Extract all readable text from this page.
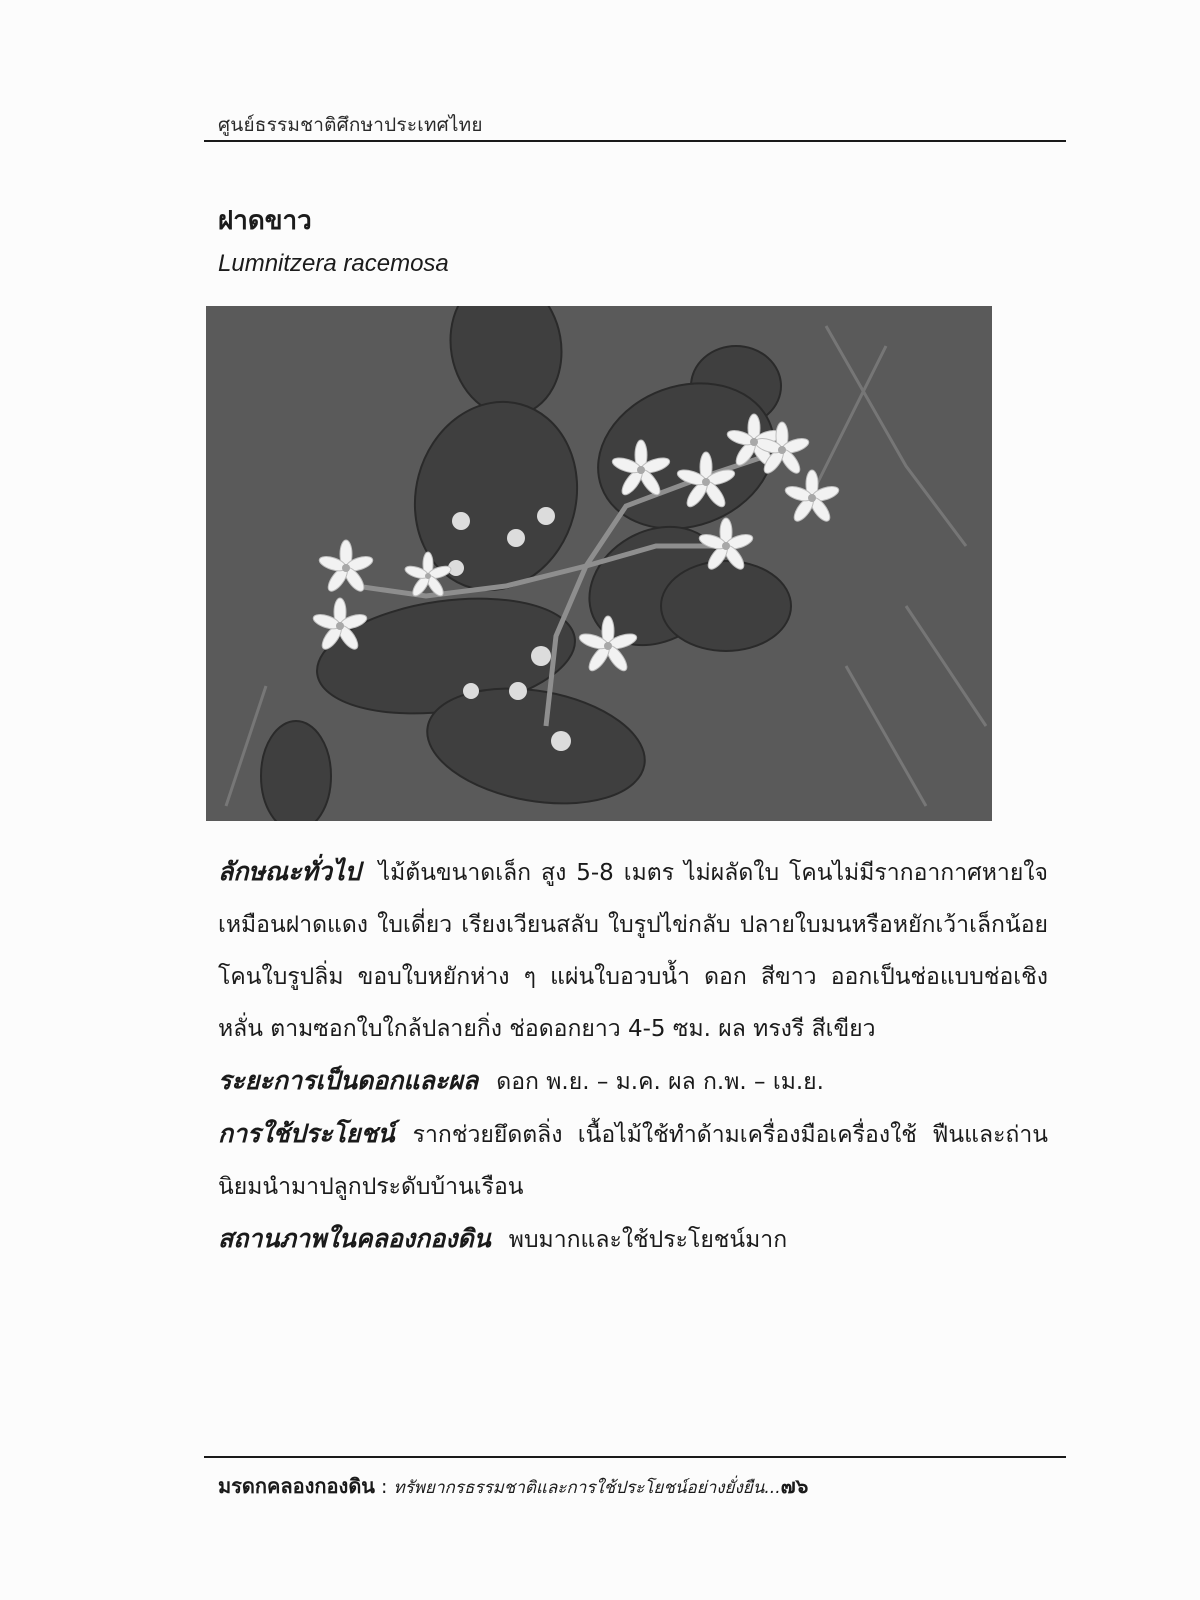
ศูนย์ธรรมชาติศึกษาประเทศไทย
ฝาดขาว
Lumnitzera racemosa

ลักษณะทั่วไป ไม้ต้นขนาดเล็ก สูง 5-8 เมตร ไม่ผลัดใบ โคนไม่มีรากอากาศหายใจเหมือนฝาดแดง ใบเดี่ยว เรียงเวียนสลับ ใบรูปไข่กลับ ปลายใบมนหรือหยักเว้าเล็กน้อย โคนใบรูปลิ่ม ขอบใบหยักห่าง ๆ แผ่นใบอวบน้ำ ดอก สีขาว ออกเป็นช่อแบบช่อเชิงหลั่น ตามซอกใบใกล้ปลายกิ่ง ช่อดอกยาว 4-5 ซม. ผล ทรงรี สีเขียว

ระยะการเป็นดอกและผล ดอก พ.ย. – ม.ค. ผล ก.พ. – เม.ย.

การใช้ประโยชน์ รากช่วยยึดตลิ่ง เนื้อไม้ใช้ทำด้ามเครื่องมือเครื่องใช้ ฟืนและถ่าน นิยมนำมาปลูกประดับบ้านเรือน

สถานภาพในคลองกองดิน พบมากและใช้ประโยชน์มาก

มรดกคลองกองดิน : ทรัพยากรธรรมชาติและการใช้ประโยชน์อย่างยั่งยืน...๗๖
